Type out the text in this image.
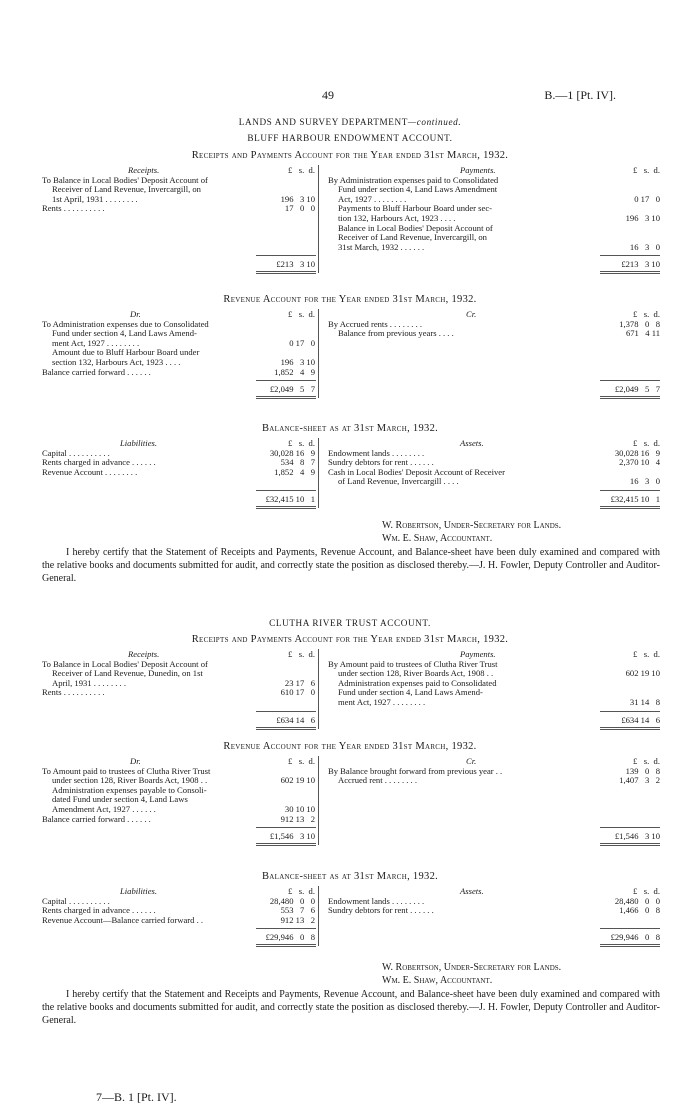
49	B.—1 [Pt. IV].
LANDS AND SURVEY DEPARTMENT—continued.
BLUFF HARBOUR ENDOWMENT ACCOUNT.
Receipts and Payments Account for the Year ended 31st March, 1932.
Receipts.	Payments.
£   s.  d.	£   s.  d.
To Balance in Local Bodies' Deposit Account of
Receiver of Land Revenue, Invercargill, on
1st April, 1931 . . . . . . . .	196   3 10
Rents . . . . . . . . . .	17   0   0
By Administration expenses paid to Consolidated
Fund under section 4, Land Laws Amendment
Act, 1927 . . . . . . . .	0 17   0
Payments to Bluff Harbour Board under sec-
tion 132, Harbours Act, 1923 . . . .	196   3 10
Balance in Local Bodies' Deposit Account of
Receiver of Land Revenue, Invercargill, on
31st March, 1932 . . . . . .	16   3   0
£213   3 10	£213   3 10
Revenue Account for the Year ended 31st March, 1932.
Dr.	Cr.
£   s.  d.	£   s.  d.
To Administration expenses due to Consolidated
Fund under section 4, Land Laws Amend-
ment Act, 1927 . . . . . . . .	0 17   0
Amount due to Bluff Harbour Board under
section 132, Harbours Act, 1923 . . . .	196   3 10
Balance carried forward . . . . . .	1,852   4   9
By Accrued rents . . . . . . . .	1,378   0   8
Balance from previous years . . . .	671   4 11
£2,049   5   7	£2,049   5   7
Balance-sheet as at 31st March, 1932.
Liabilities.	Assets.
£   s.  d.	£   s.  d.
Capital . . . . . . . . . .	30,028 16   9
Rents charged in advance . . . . . .	534   8   7
Revenue Account . . . . . . . .	1,852   4   9
Endowment lands . . . . . . . .	30,028 16   9
Sundry debtors for rent . . . . . .	2,370 10   4
Cash in Local Bodies' Deposit Account of Receiver
of Land Revenue, Invercargill . . . .	16   3   0
£32,415 10   1	£32,415 10   1
W. Robertson, Under-Secretary for Lands.
Wm. E. Shaw, Accountant.
I hereby certify that the Statement of Receipts and Payments, Revenue Account, and Balance-sheet have been duly examined and compared with the relative books and documents submitted for audit, and correctly state the position as disclosed thereby.—J. H. Fowler, Deputy Controller and Auditor-General.
CLUTHA RIVER TRUST ACCOUNT.
Receipts and Payments Account for the Year ended 31st March, 1932.
Receipts.	Payments.
£   s.  d.	£   s.  d.
To Balance in Local Bodies' Deposit Account of
Receiver of Land Revenue, Dunedin, on 1st
April, 1931 . . . . . . . .	23 17   6
Rents . . . . . . . . . .	610 17   0
By Amount paid to trustees of Clutha River Trust
under section 128, River Boards Act, 1908 . .	602 19 10
Administration expenses paid to Consolidated
Fund under section 4, Land Laws Amend-
ment Act, 1927 . . . . . . . .	31 14   8
£634 14   6	£634 14   6
Revenue Account for the Year ended 31st March, 1932.
Dr.	Cr.
£   s.  d.	£   s.  d.
To Amount paid to trustees of Clutha River Trust
under section 128, River Boards Act, 1908 . .	602 19 10
Administration expenses payable to Consoli-
dated Fund under section 4, Land Laws
Amendment Act, 1927 . . . . . .	30 10 10
Balance carried forward . . . . . .	912 13   2
By Balance brought forward from previous year . .	139   0   8
Accrued rent . . . . . . . .	1,407   3   2
£1,546   3 10	£1,546   3 10
Balance-sheet as at 31st March, 1932.
Liabilities.	Assets.
£   s.  d.	£   s.  d.
Capital . . . . . . . . . .	28,480   0   0
Rents charged in advance . . . . . .	553   7   6
Revenue Account—Balance carried forward . .	912 13   2
Endowment lands . . . . . . . .	28,480   0   0
Sundry debtors for rent . . . . . .	1,466   0   8
£29,946   0   8	£29,946   0   8
W. Robertson, Under-Secretary for Lands.
Wm. E. Shaw, Accountant.
I hereby certify that the Statement and Receipts and Payments, Revenue Account, and Balance-sheet have been duly examined and compared with the relative books and documents submitted for audit, and correctly state the position as disclosed thereby.—J. H. Fowler, Deputy Controller and Auditor-General.
7—B. 1 [Pt. IV].
